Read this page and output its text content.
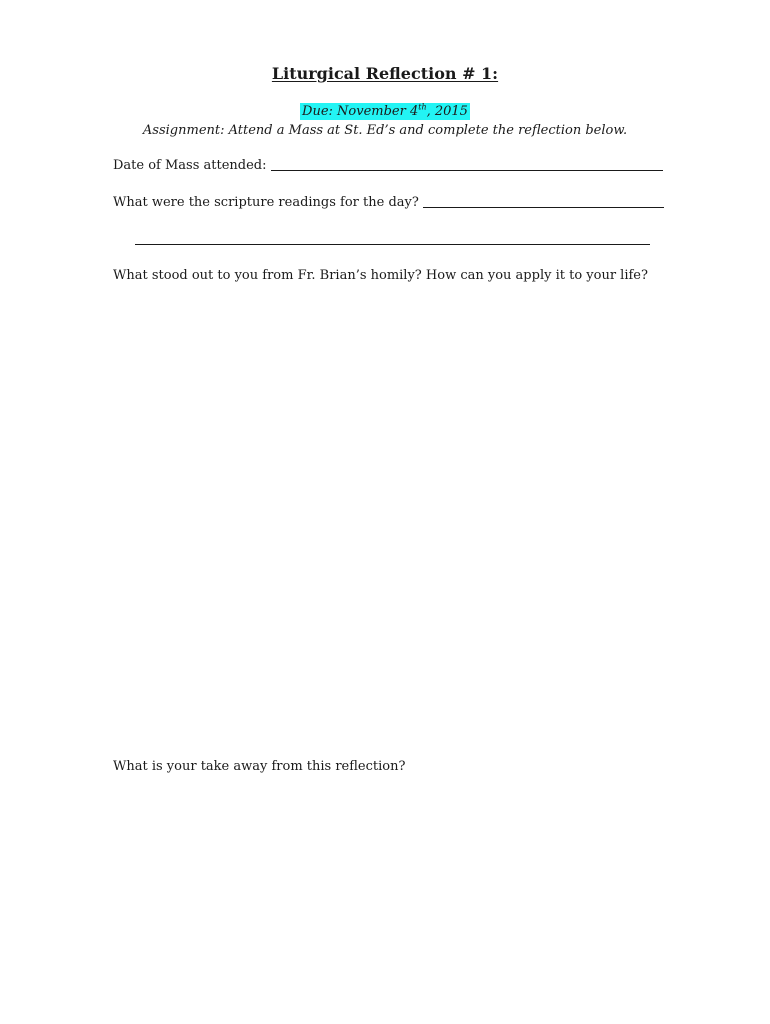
Liturgical Reflection # 1:
Due: November 4th, 2015
Assignment: Attend a Mass at St. Ed’s and complete the reflection below.
Date of Mass attended:
What were the scripture readings for the day?
What stood out to you from Fr. Brian’s homily? How can you apply it to your life?
What is your take away from this reflection?
